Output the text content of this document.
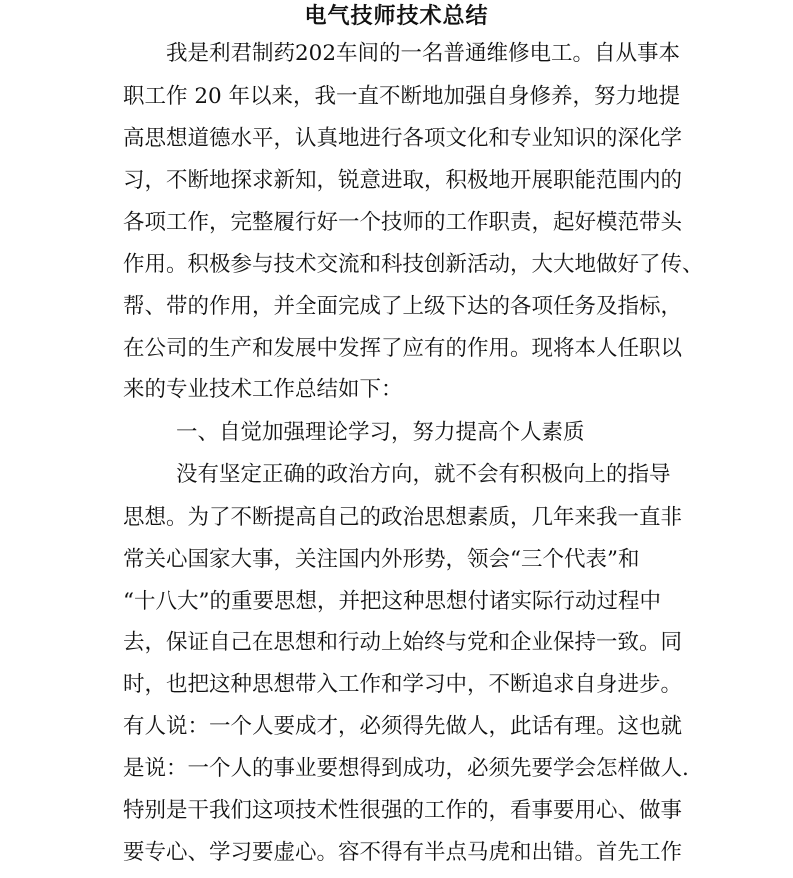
电气技师技术总结
我是利君制药202车间的一名普通维修电工。自从事本
职工作 20 年以来，我一直不断地加强自身修养，努力地提
高思想道德水平，认真地进行各项文化和专业知识的深化学
习，不断地探求新知，锐意进取，积极地开展职能范围内的
各项工作，完整履行好一个技师的工作职责，起好模范带头
作用。积极参与技术交流和科技创新活动，大大地做好了传、
帮、带的作用，并全面完成了上级下达的各项任务及指标，
在公司的生产和发展中发挥了应有的作用。现将本人任职以
来的专业技术工作总结如下：
一、自觉加强理论学习，努力提高个人素质
没有坚定正确的政治方向，就不会有积极向上的指导
思想。为了不断提高自己的政治思想素质，几年来我一直非
常关心国家大事，关注国内外形势，领会“三个代表”和
“十八大”的重要思想，并把这种思想付诸实际行动过程中
去，保证自己在思想和行动上始终与党和企业保持一致。同
时，也把这种思想带入工作和学习中，不断追求自身进步。
有人说：一个人要成才，必须得先做人，此话有理。这也就
是说：一个人的事业要想得到成功，必须先要学会怎样做人.
特别是干我们这项技术性很强的工作的，看事要用心、做事
要专心、学习要虚心。容不得有半点马虎和出错。首先工作
